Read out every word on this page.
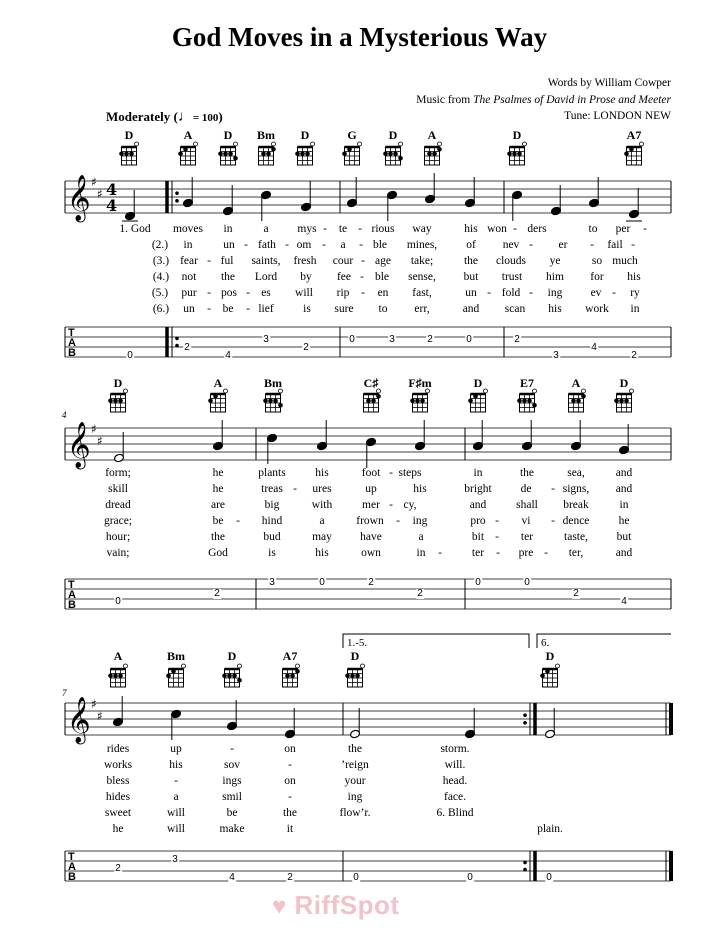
God Moves in a Mysterious Way
Words by William Cowper
Music from The Psalmes of David in Prose and Meeter
Tune: LONDON NEW
Moderately (♩= 100)
𝄞 ♯
♯
T
A
B
4
4
𝄞 ♯
♯
T
A
B
𝄞 ♯
♯
T
A
B
D	A	D Bm D	G	D	A	D	A7
1. God moves in	a	mys - te - rious way	his won - ders	to per -
(2.) in	un - fath - om - a - ble mines,	of nev - er - fail -
(3.) fear - ful saints, fresh cour - age take;	the clouds ye	so much
(4.) not the Lord by fee - ble sense, but trust him for his
(5.) pur - pos - es will rip - en fast,	un - fold - ing ev - ry
(6.) un - be - lief	is sure to err,	and scan his work in
0
2
4
3
2
0	3	2	0	2
3
4
2
4
D	A	Bm	C♯	F♯m	D	E7	A	D
form;	he	plants	his	foot - steps	in	the	sea,	and
skill	he	treas - ures	up	his	bright	de - signs, and
dread	are	big	with	mer - cy,	and	shall break	in
grace;	be - hind	a	frown - ing	pro - vi - dence	he
hour;	the	bud	may have	a	bit - ter	taste, but
vain;	God	is	his	own	in -	ter - pre - ter,	and
0
2
3	0	2
2
0	0
2
4
7
A	Bm	D	A7	D	D
rides	up	-	on	the	storm.
works	his	sov	-	’reign	will.
bless	-	ings	on	your	head.
hides	a	smil	-	ing	face.
sweet	will	be	the	flow’r.	6. Blind
he	will	make	it	plain.
2
3
4	2	0	0	0
1.-5.	6.
♥ RiffSpot
